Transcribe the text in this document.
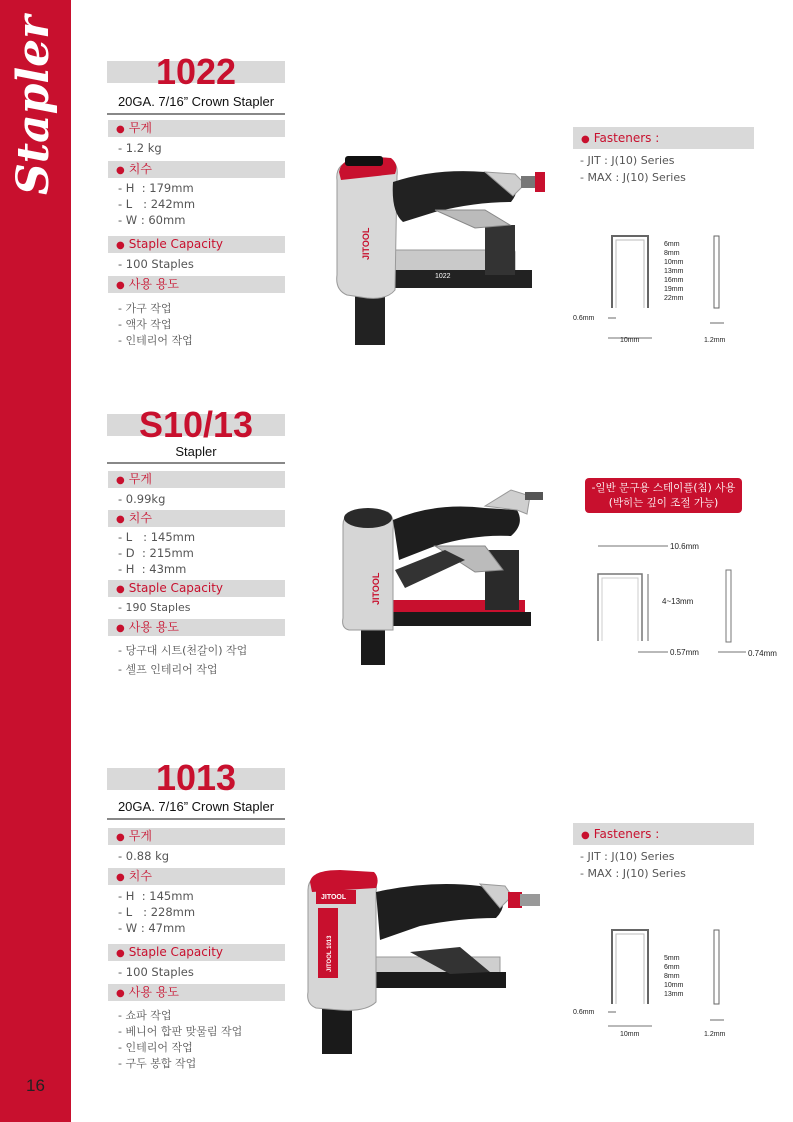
Stapler
16
1022
20GA. 7/16” Crown Stapler
● 무게
- 1.2 kg
● 치수
- H  : 179mm
- L   : 242mm
- W : 60mm
● Staple Capacity
- 100 Staples
● 사용 용도
- 가구 작업
- 액자 작업
- 인테리어 작업
JITOOL
1022
● Fasteners :
- JIT : J(10) Series
- MAX : J(10) Series
6mm
8mm
10mm
13mm
16mm
19mm
22mm
0.6mm
10mm	1.2mm
S10/13
Stapler
● 무게
- 0.99kg
● 치수
- L   : 145mm
- D  : 215mm
- H  : 43mm
● Staple Capacity
- 190 Staples
● 사용 용도
- 당구대 시트(천갈이) 작업
- 셀프 인테리어 작업
JITOOL
-일반 문구용 스테이플(침) 사용
(박히는 깊이 조절 가능)
10.6mm
4~13mm
0.57mm	0.74mm
1013
20GA. 7/16” Crown Stapler
● 무게
- 0.88 kg
● 치수
- H  : 145mm
- L   : 228mm
- W : 47mm
● Staple Capacity
- 100 Staples
● 사용 용도
- 쇼파 작업
- 베니어 합판 맞물림 작업
- 인테리어 작업
- 구두 봉합 작업
JITOOL
JITOOL 1013
● Fasteners :
- JIT : J(10) Series
- MAX : J(10) Series
5mm
6mm
8mm
10mm
13mm
0.6mm
10mm	1.2mm
